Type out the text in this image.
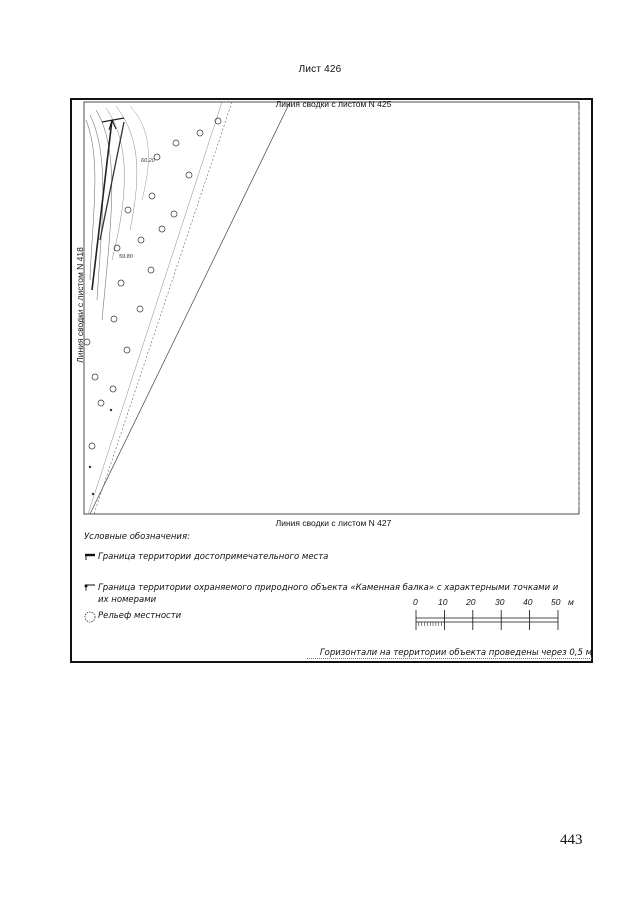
Лист 426
Линия сводки с листом N 425
Линия сводки с листом N 427
Линия сводки с листом N 418
60.20
59.80
Условные обозначения:
Граница территории достопримечательного места
Граница территории охраняемого природного объекта «Каменная балка» с характерными точками и их номерами
Рельеф местности
0 10 20 30 40 50 м
Горизонтали на территории объекта проведены через 0,5 м
443
